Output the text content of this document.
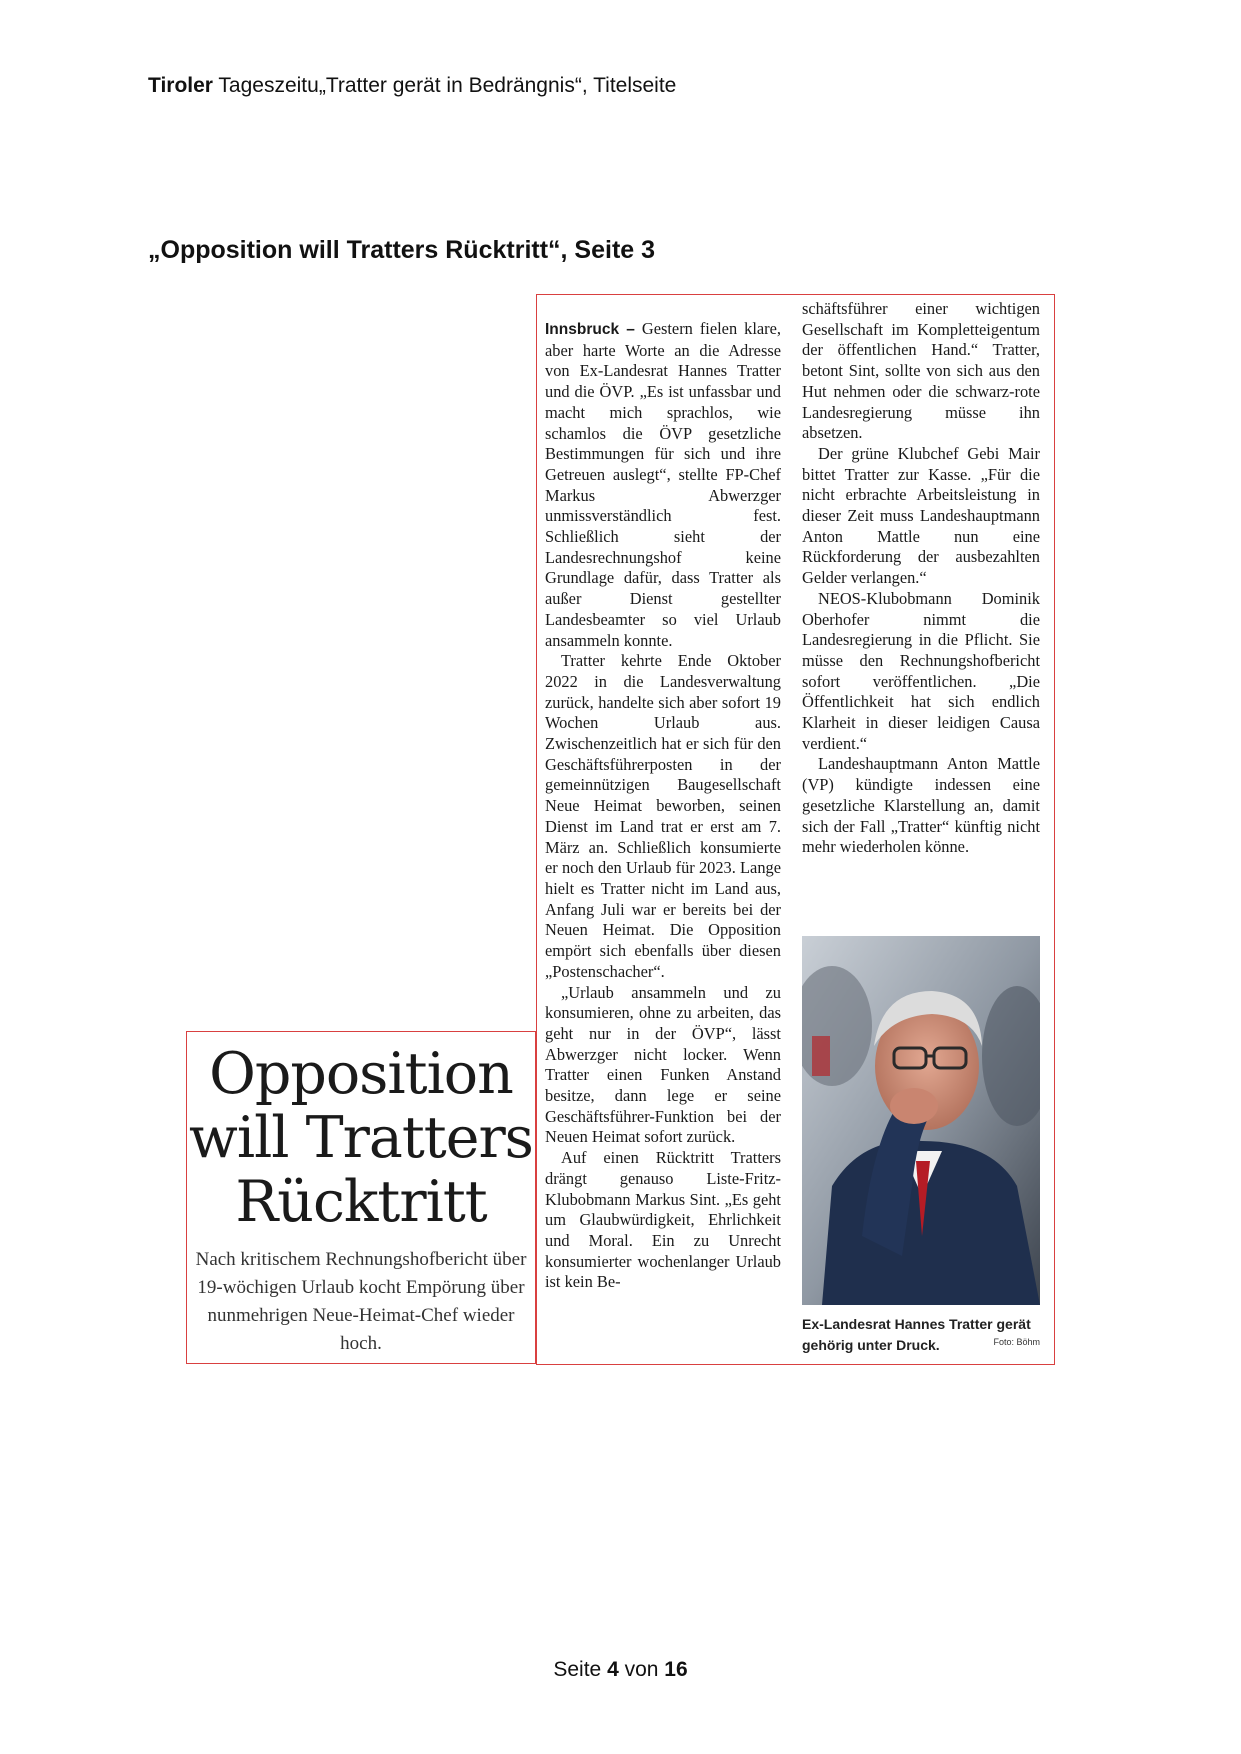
Tiroler Tageszeitu„Tratter gerät in Bedrängnis“, Titelseite
„Opposition will Tratters Rücktritt“, Seite 3
Opposition
will Tratters
Rücktritt

Nach kritischem Rechnungshofbericht über 19-wöchigen Urlaub kocht Empörung über nunmehrigen Neue-Heimat-Chef wieder hoch.

Innsbruck – Gestern fielen klare, aber harte Worte an die Adresse von Ex-Landesrat Hannes Tratter und die ÖVP. „Es ist unfassbar und macht mich sprachlos, wie schamlos die ÖVP gesetzliche Bestimmungen für sich und ihre Getreuen auslegt“, stellte FP-Chef Markus Abwerzger unmissverständlich fest. Schließlich sieht der Landesrechnungshof keine Grundlage dafür, dass Tratter als außer Dienst gestellter Landesbeamter so viel Urlaub ansammeln konnte.

Tratter kehrte Ende Oktober 2022 in die Landesverwaltung zurück, handelte sich aber sofort 19 Wochen Urlaub aus. Zwischenzeitlich hat er sich für den Geschäftsführerposten in der gemeinnützigen Baugesellschaft Neue Heimat beworben, seinen Dienst im Land trat er erst am 7. März an. Schließlich konsumierte er noch den Urlaub für 2023. Lange hielt es Tratter nicht im Land aus, Anfang Juli war er bereits bei der Neuen Heimat. Die Opposition empört sich ebenfalls über diesen „Postenschacher“.

„Urlaub ansammeln und zu konsumieren, ohne zu arbeiten, das geht nur in der ÖVP“, lässt Abwerzger nicht locker. Wenn Tratter einen Funken Anstand besitze, dann lege er seine Geschäftsführer-Funktion bei der Neuen Heimat sofort zurück.

Auf einen Rücktritt Tratters drängt genauso Liste-Fritz-Klubobmann Markus Sint. „Es geht um Glaubwürdigkeit, Ehrlichkeit und Moral. Ein zu Unrecht konsumierter wochenlanger Urlaub ist kein Be-

schäftsführer einer wichtigen Gesellschaft im Kompletteigentum der öffentlichen Hand.“ Tratter, betont Sint, sollte von sich aus den Hut nehmen oder die schwarz-rote Landesregierung müsse ihn absetzen.

Der grüne Klubchef Gebi Mair bittet Tratter zur Kasse. „Für die nicht erbrachte Arbeitsleistung in dieser Zeit muss Landeshauptmann Anton Mattle nun eine Rückforderung der ausbezahlten Gelder verlangen.“

NEOS-Klubobmann Dominik Oberhofer nimmt die Landesregierung in die Pflicht. Sie müsse den Rechnungshofbericht sofort veröffentlichen. „Die Öffentlichkeit hat sich endlich Klarheit in dieser leidigen Causa verdient.“

Landeshauptmann Anton Mattle (VP) kündigte indessen eine gesetzliche Klarstellung an, damit sich der Fall „Tratter“ künftig nicht mehr wiederholen könne.

Ex-Landesrat Hannes Tratter gerät gehörig unter Druck.	Foto: Böhm
Seite 4 von 16
